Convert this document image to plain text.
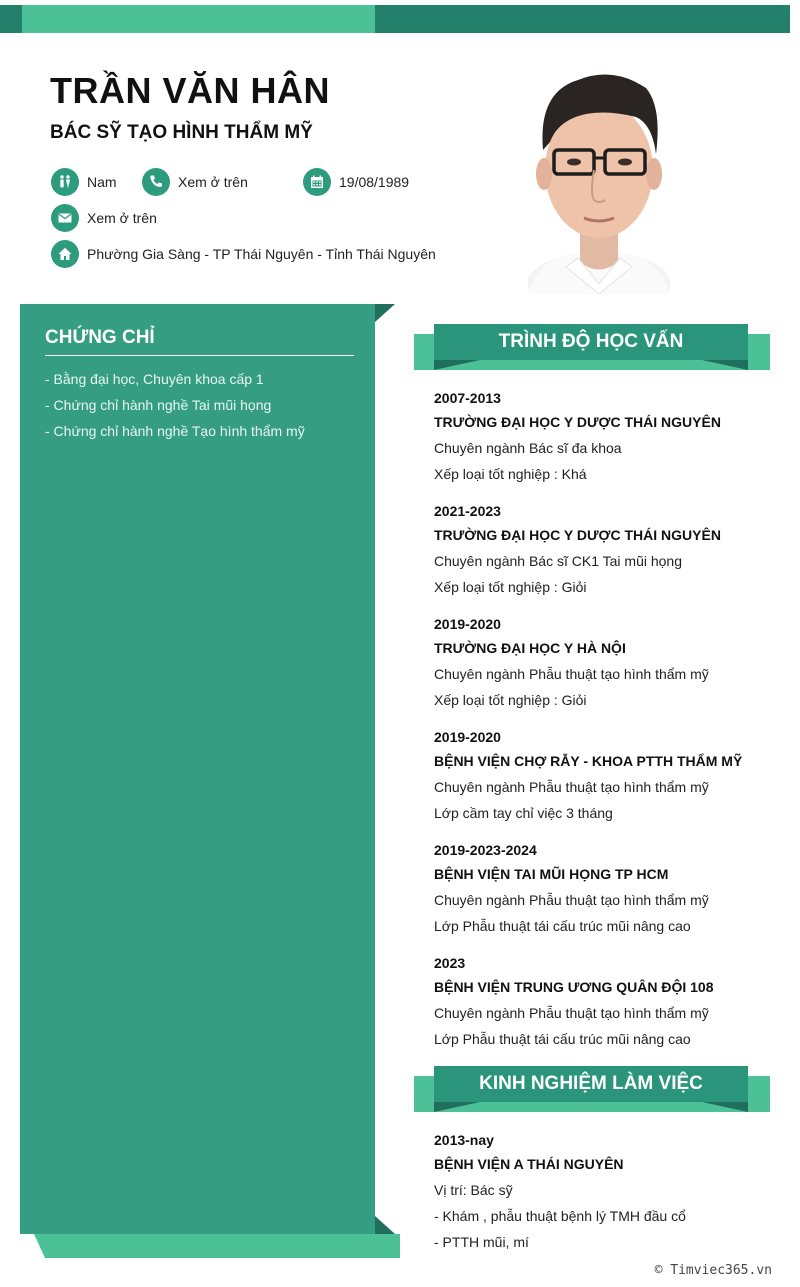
TRẦN VĂN HÂN
BÁC SỸ TẠO HÌNH THẨM MỸ
Nam	Xem ở trên	19/08/1989
Xem ở trên
Phường Gia Sàng - TP Thái Nguyên - Tỉnh Thái Nguyên
CHỨNG CHỈ
- Bằng đại học, Chuyên khoa cấp 1
- Chứng chỉ hành nghề Tai mũi họng
- Chứng chỉ hành nghề Tạo hình thẩm mỹ
TRÌNH ĐỘ HỌC VẤN
2007-2013
TRƯỜNG ĐẠI HỌC Y DƯỢC THÁI NGUYÊN
Chuyên ngành Bác sĩ đa khoa
Xếp loại tốt nghiệp : Khá
2021-2023
TRƯỜNG ĐẠI HỌC Y DƯỢC THÁI NGUYÊN
Chuyên ngành Bác sĩ CK1 Tai mũi họng
Xếp loại tốt nghiệp : Giỏi
2019-2020
TRƯỜNG ĐẠI HỌC Y HÀ NỘI
Chuyên ngành Phẫu thuật tạo hình thẩm mỹ
Xếp loại tốt nghiệp : Giỏi
2019-2020
BỆNH VIỆN CHỢ RẪY - KHOA PTTH THẨM MỸ
Chuyên ngành Phẫu thuật tạo hình thẩm mỹ
Lớp cầm tay chỉ việc 3 tháng
2019-2023-2024
BỆNH VIỆN TAI MŨI HỌNG TP HCM
Chuyên ngành Phẫu thuật tạo hình thẩm mỹ
Lớp Phẫu thuật tái cấu trúc mũi nâng cao
2023
BỆNH VIỆN TRUNG ƯƠNG QUÂN ĐỘI 108
Chuyên ngành Phẫu thuật tạo hình thẩm mỹ
Lớp Phẫu thuật tái cấu trúc mũi nâng cao
KINH NGHIỆM LÀM VIỆC
2013-nay
BỆNH VIỆN A THÁI NGUYÊN
Vị trí: Bác sỹ
- Khám , phẫu thuật bệnh lý TMH đầu cổ
- PTTH mũi, mí
© Timviec365.vn
